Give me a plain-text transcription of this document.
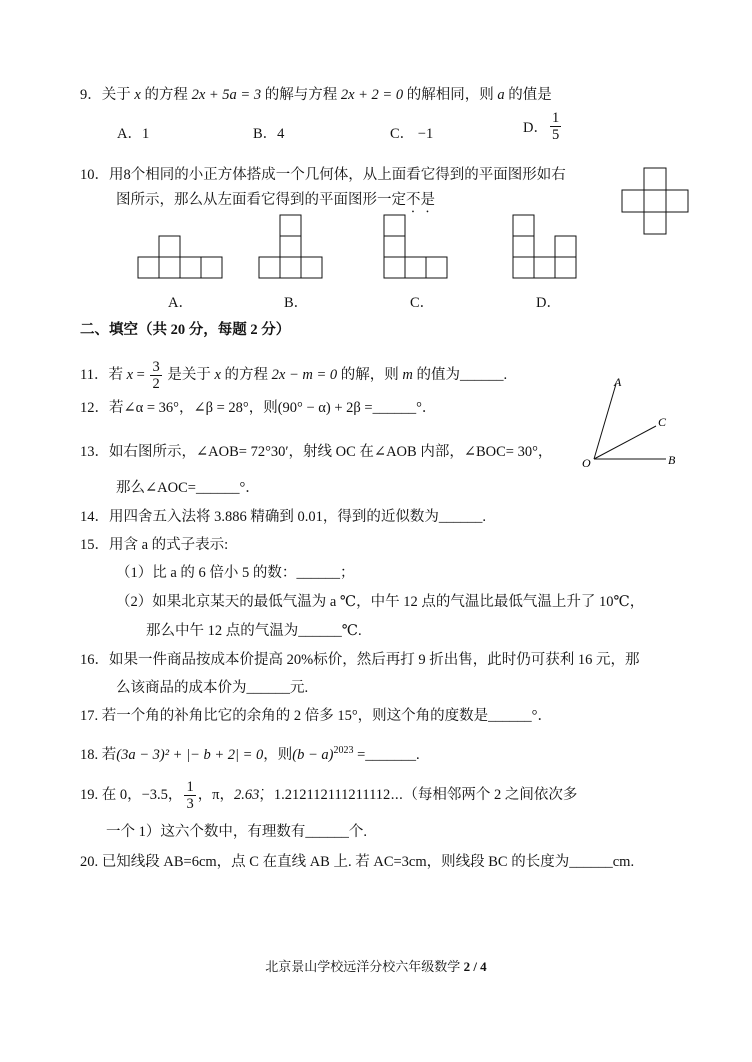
9．关于 x 的方程 2x + 5a = 3 的解与方程 2x + 2 = 0 的解相同，则 a 的值是
A．1	B．4	C． −1	D． $\frac{1}{5}$
10．用8个相同的小正方体搭成一个几何体，从上面看它得到的平面图形如右
图所示，那么从左面看它得到的平面图形一定不是
A．	B．	C．	D．
二、填空（共 20 分，每题 2 分）
11．若 $x = \frac{3}{2}$ 是关于 x 的方程 2x − m = 0 的解，则 m 的值为______.
12．若∠α = 36°，∠β = 28°，则(90° − α) + 2β =______°．
13．如右图所示，∠AOB= 72°30′，射线 OC 在∠AOB 内部，∠BOC= 30°，
那么∠AOC=______°．
A
C
B
O
14．用四舍五入法将 3.886 精确到 0.01，得到的近似数为______.
15．用含 a 的式子表示:
（1）比 a 的 6 倍小 5 的数：______；
（2）如果北京某天的最低气温为 a ℃，中午 12 点的气温比最低气温上升了 10℃，
那么中午 12 点的气温为______℃.
16．如果一件商品按成本价提高 20%标价，然后再打 9 折出售，此时仍可获利 16 元，那
么该商品的成本价为______元.
17. 若一个角的补角比它的余角的 2 倍多 15°，则这个角的度数是______°．
18. 若(3a − 3)² + |− b + 2| = 0，则$(b - a)^{2023}$ =_______.
19. 在 0，−3.5， $\frac{1}{3}$ ，π，2.63̇，1.212112111211112⋯（每相邻两个 2 之间依次多
一个 1）这六个数中，有理数有______个.
20. 已知线段 AB=6cm，点 C 在直线 AB 上. 若 AC=3cm，则线段 BC 的长度为______cm.
北京景山学校远洋分校六年级数学 2 / 4
